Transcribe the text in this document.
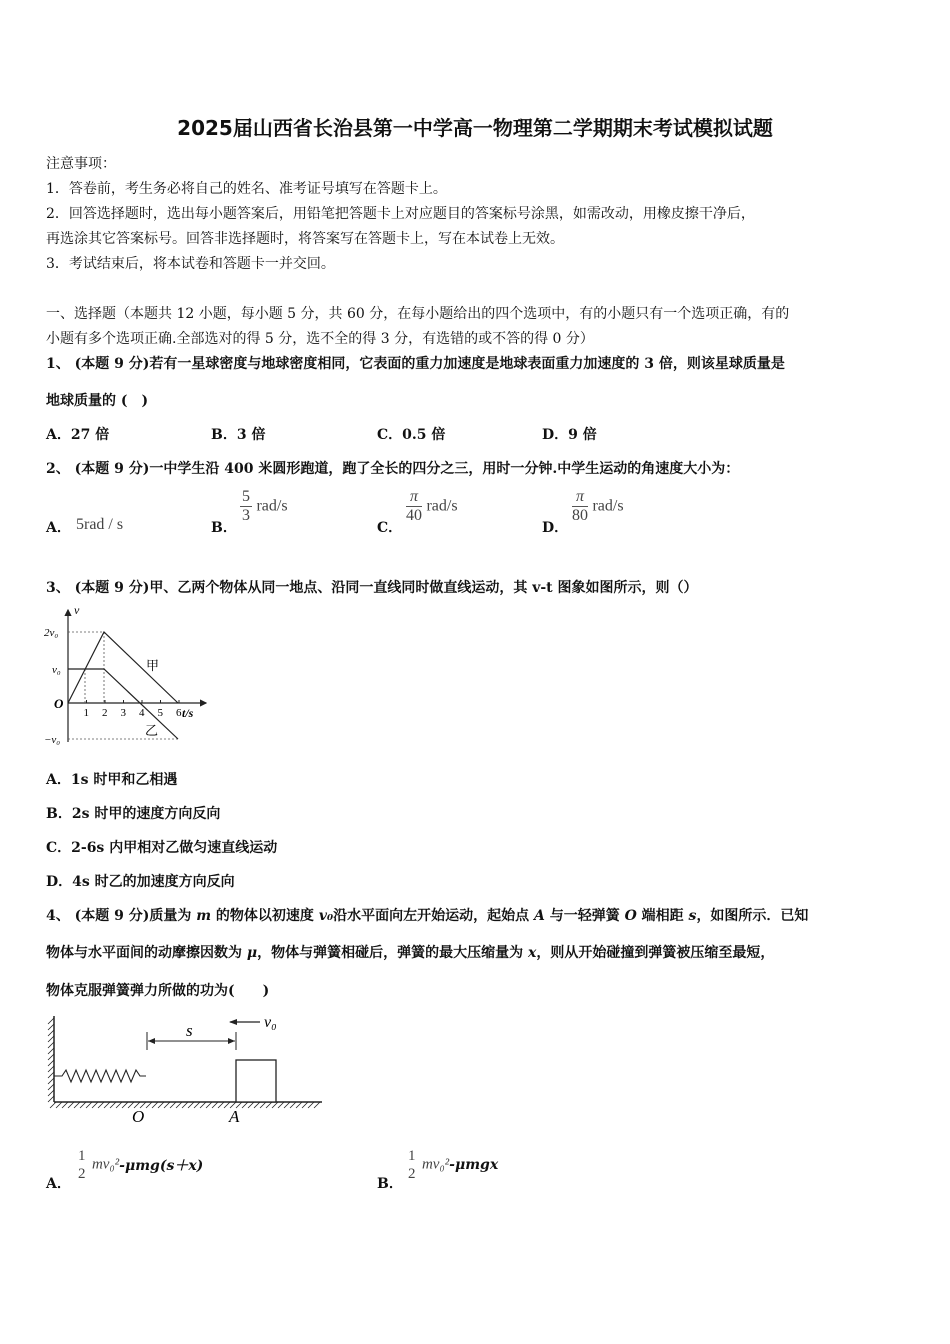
2025届山西省长治县第一中学高一物理第二学期期末考试模拟试题
注意事项：
1．答卷前，考生务必将自己的姓名、准考证号填写在答题卡上。
2．回答选择题时，选出每小题答案后，用铅笔把答题卡上对应题目的答案标号涂黑，如需改动，用橡皮擦干净后，
再选涂其它答案标号。回答非选择题时，将答案写在答题卡上，写在本试卷上无效。
3．考试结束后，将本试卷和答题卡一并交回。
一、选择题（本题共 12 小题，每小题 5 分，共 60 分，在每小题给出的四个选项中，有的小题只有一个选项正确，有的
小题有多个选项正确.全部选对的得 5 分，选不全的得 3 分，有选错的或不答的得 0 分）
1、 (本题 9 分)若有一星球密度与地球密度相同，它表面的重力加速度是地球表面重力加速度的 3 倍，则该星球质量是
地球质量的 (　)
A．27 倍	B．3 倍	C．0.5 倍	D．9 倍
2、 (本题 9 分)一中学生沿 400 米圆形跑道，跑了全长的四分之三，用时一分钟.中学生运动的角速度大小为：
A． 5rad / s	B．
$\frac{5}{3} rad/s$
C．
$\frac{\pi}{40} rad/s$
D．
$\frac{\pi}{80} rad/s$
3、 (本题 9 分)甲、乙两个物体从同一地点、沿同一直线同时做直线运动，其 v-t 图象如图所示，则（）
v
t/s
O
2v₀
v₀
−v₀
1 2 3 4 5 6
甲
乙
A．1s 时甲和乙相遇
B．2s 时甲的速度方向反向
C．2-6s 内甲相对乙做匀速直线运动
D．4s 时乙的加速度方向反向
4、 (本题 9 分)质量为 m 的物体以初速度 v₀沿水平面向左开始运动，起始点 A 与一轻弹簧 O 端相距 s，如图所示．已知
物体与水平面间的动摩擦因数为 μ，物体与弹簧相碰后，弹簧的最大压缩量为 x，则从开始碰撞到弹簧被压缩至最短，
物体克服弹簧弹力所做的功为(　　)
s	v₀
O	A
A．
1
2
mv₀²-μmg(s＋x)
B．
1
2
mv₀²-μmgx
